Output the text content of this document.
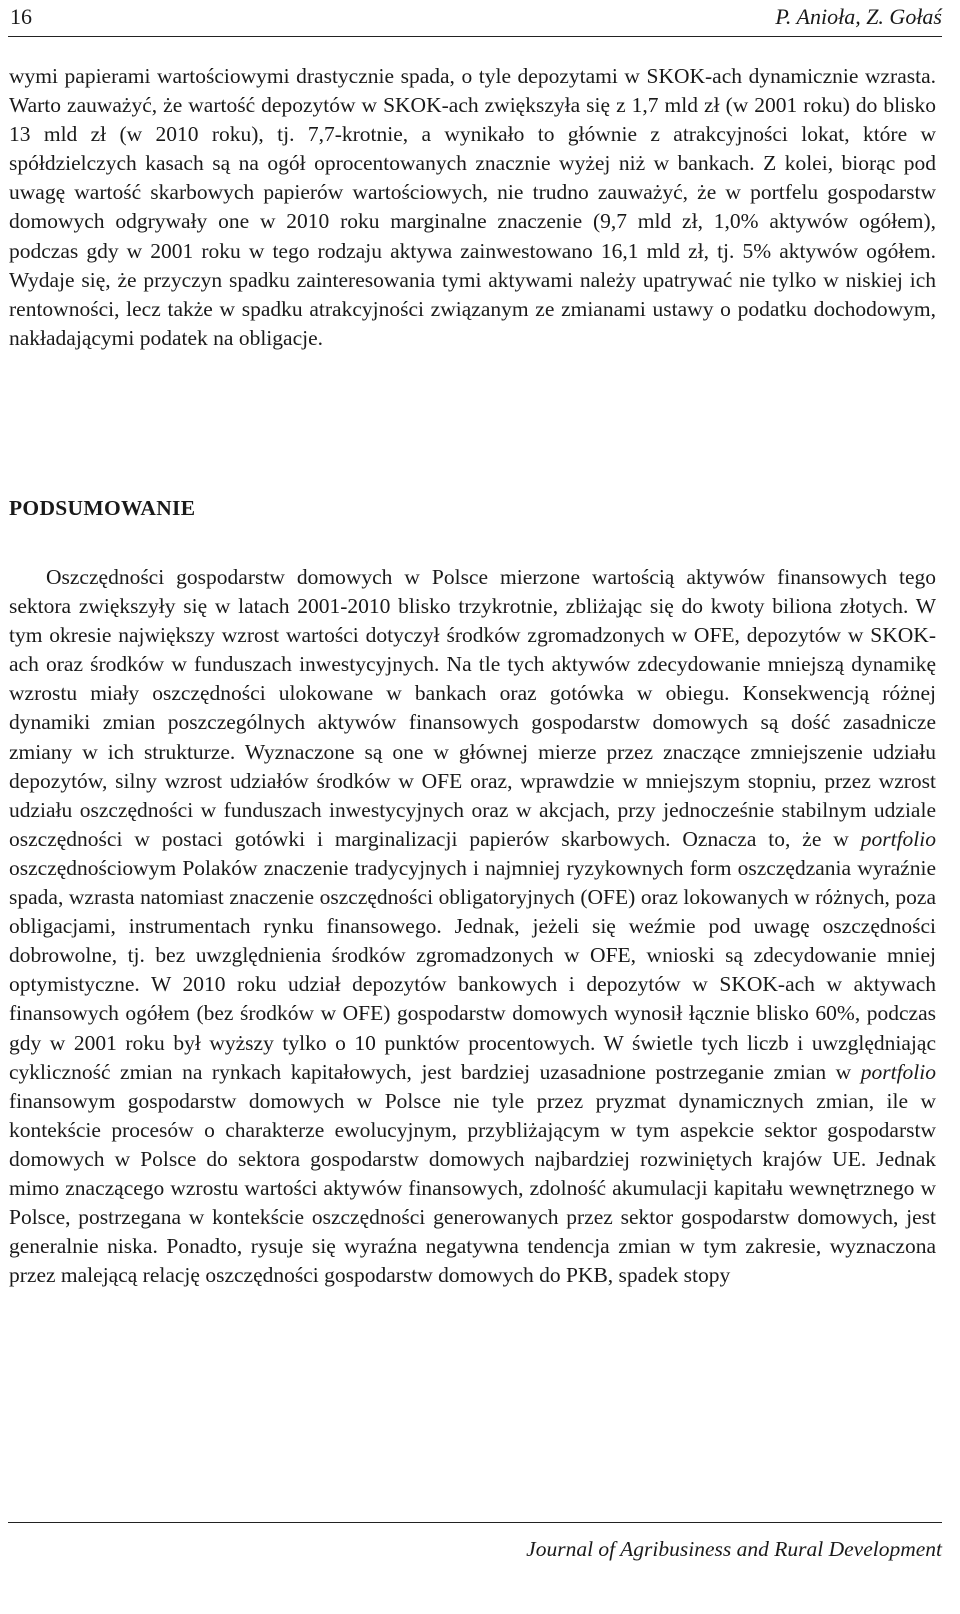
16	P. Anioła, Z. Gołaś

wymi papierami wartościowymi drastycznie spada, o tyle depozytami w SKOK-ach dynamicznie wzrasta. Warto zauważyć, że wartość depozytów w SKOK-ach zwiększyła się z 1,7 mld zł (w 2001 roku) do blisko 13 mld zł (w 2010 roku), tj. 7,7-krotnie, a wynikało to głównie z atrakcyjności lokat, które w spółdzielczych kasach są na ogół oprocentowanych znacznie wyżej niż w bankach. Z kolei, biorąc pod uwagę wartość skarbowych papierów wartościowych, nie trudno zauważyć, że w portfelu gospodarstw domowych odgrywały one w 2010 roku marginalne znaczenie (9,7 mld zł, 1,0% aktywów ogółem), podczas gdy w 2001 roku w tego rodzaju aktywa zainwestowano 16,1 mld zł, tj. 5% aktywów ogółem. Wydaje się, że przyczyn spadku zainteresowania tymi aktywami należy upatrywać nie tylko w niskiej ich rentowności, lecz także w spadku atrakcyjności związanym ze zmianami ustawy o podatku dochodowym, nakładającymi podatek na obligacje.

PODSUMOWANIE

Oszczędności gospodarstw domowych w Polsce mierzone wartością aktywów finansowych tego sektora zwiększyły się w latach 2001-2010 blisko trzykrotnie, zbliżając się do kwoty biliona złotych. W tym okresie największy wzrost wartości dotyczył środków zgromadzonych w OFE, depozytów w SKOK-ach oraz środków w funduszach inwestycyjnych. Na tle tych aktywów zdecydowanie mniejszą dynamikę wzrostu miały oszczędności ulokowane w bankach oraz gotówka w obiegu. Konsekwencją różnej dynamiki zmian poszczególnych aktywów finansowych gospodarstw domowych są dość zasadnicze zmiany w ich strukturze. Wyznaczone są one w głównej mierze przez znaczące zmniejszenie udziału depozytów, silny wzrost udziałów środków w OFE oraz, wprawdzie w mniejszym stopniu, przez wzrost udziału oszczędności w funduszach inwestycyjnych oraz w akcjach, przy jednocześnie stabilnym udziale oszczędności w postaci gotówki i marginalizacji papierów skarbowych. Oznacza to, że w portfolio oszczędnościowym Polaków znaczenie tradycyjnych i najmniej ryzykownych form oszczędzania wyraźnie spada, wzrasta natomiast znaczenie oszczędności obligatoryjnych (OFE) oraz lokowanych w różnych, poza obligacjami, instrumentach rynku finansowego. Jednak, jeżeli się weźmie pod uwagę oszczędności dobrowolne, tj. bez uwzględnienia środków zgromadzonych w OFE, wnioski są zdecydowanie mniej optymistyczne. W 2010 roku udział depozytów bankowych i depozytów w SKOK-ach w aktywach finansowych ogółem (bez środków w OFE) gospodarstw domowych wynosił łącznie blisko 60%, podczas gdy w 2001 roku był wyższy tylko o 10 punktów procentowych. W świetle tych liczb i uwzględniając cykliczność zmian na rynkach kapitałowych, jest bardziej uzasadnione postrzeganie zmian w portfolio finansowym gospodarstw domowych w Polsce nie tyle przez pryzmat dynamicznych zmian, ile w kontekście procesów o charakterze ewolucyjnym, przybliżającym w tym aspekcie sektor gospodarstw domowych w Polsce do sektora gospodarstw domowych najbardziej rozwiniętych krajów UE. Jednak mimo znaczącego wzrostu wartości aktywów finansowych, zdolność akumulacji kapitału wewnętrznego w Polsce, postrzegana w kontekście oszczędności generowanych przez sektor gospodarstw domowych, jest generalnie niska. Ponadto, rysuje się wyraźna negatywna tendencja zmian w tym zakresie, wyznaczona przez malejącą relację oszczędności gospodarstw domowych do PKB, spadek stopy

Journal of Agribusiness and Rural Development
